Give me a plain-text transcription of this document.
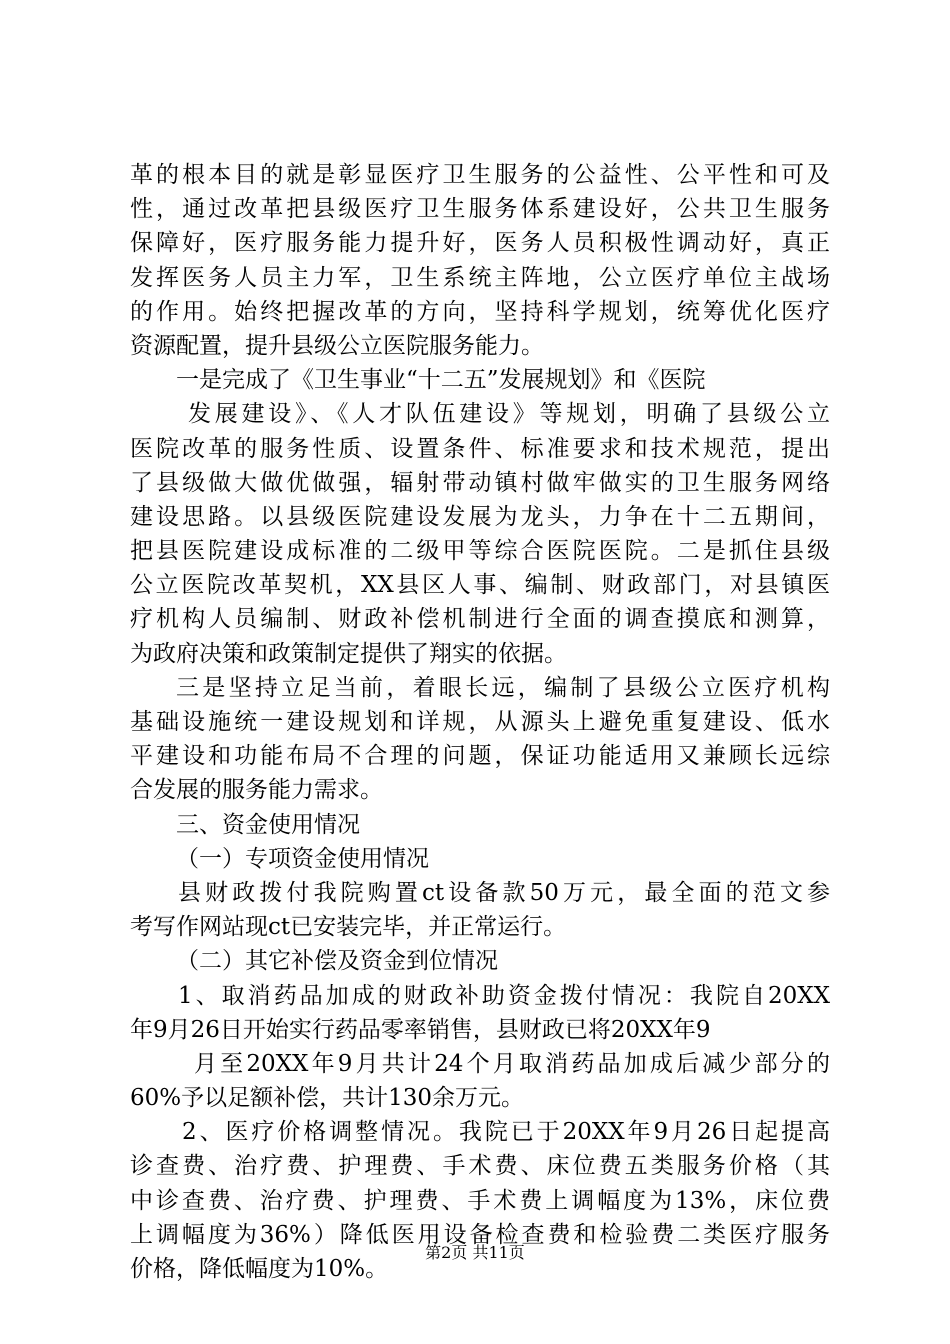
革的根本目的就是彰显医疗卫生服务的公益性、公平性和可及
性，通过改革把县级医疗卫生服务体系建设好，公共卫生服务
保障好，医疗服务能力提升好，医务人员积极性调动好，真正
发挥医务人员主力军，卫生系统主阵地，公立医疗单位主战场
的作用。始终把握改革的方向，坚持科学规划，统筹优化医疗
资源配置，提升县级公立医院服务能力。
一是完成了《卫生事业“十二五”发展规划》和《医院
发展建设》、《人才队伍建设》等规划，明确了县级公立
医院改革的服务性质、设置条件、标准要求和技术规范，提出
了县级做大做优做强，辐射带动镇村做牢做实的卫生服务网络
建设思路。以县级医院建设发展为龙头，力争在十二五期间，
把县医院建设成标准的二级甲等综合医院医院。二是抓住县级
公立医院改革契机，XX县区人事、编制、财政部门，对县镇医
疗机构人员编制、财政补偿机制进行全面的调查摸底和测算，
为政府决策和政策制定提供了翔实的依据。
三是坚持立足当前，着眼长远，编制了县级公立医疗机构
基础设施统一建设规划和详规，从源头上避免重复建设、低水
平建设和功能布局不合理的问题，保证功能适用又兼顾长远综
合发展的服务能力需求。
三、资金使用情况
（一）专项资金使用情况
县财政拨付我院购置ct设备款50万元，最全面的范文参
考写作网站现ct已安装完毕，并正常运行。
（二）其它补偿及资金到位情况
1、取消药品加成的财政补助资金拨付情况：我院自20XX
年9月26日开始实行药品零率销售，县财政已将20XX年9
月至20XX年9月共计24个月取消药品加成后减少部分的
60%予以足额补偿，共计130余万元。
2、医疗价格调整情况。我院已于20XX年9月26日起提高
诊查费、治疗费、护理费、手术费、床位费五类服务价格（其
中诊查费、治疗费、护理费、手术费上调幅度为13%，床位费
上调幅度为36%）降低医用设备检查费和检验费二类医疗服务
价格，降低幅度为10%。
第2页 共11页
